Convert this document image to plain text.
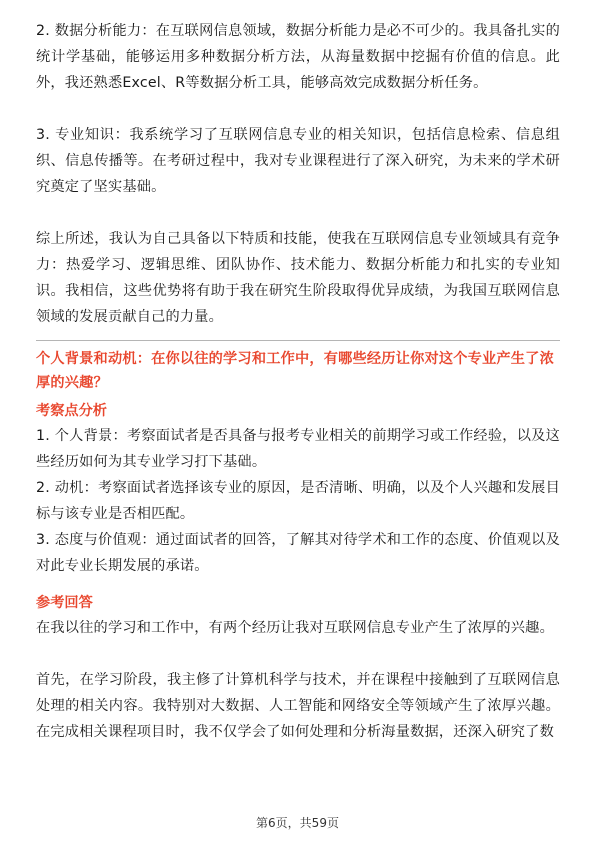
2. 数据分析能力：在互联网信息领域，数据分析能力是必不可少的。我具备扎实的统计学基础，能够运用多种数据分析方法，从海量数据中挖掘有价值的信息。此外，我还熟悉Excel、R等数据分析工具，能够高效完成数据分析任务。

3. 专业知识：我系统学习了互联网信息专业的相关知识，包括信息检索、信息组织、信息传播等。在考研过程中，我对专业课程进行了深入研究，为未来的学术研究奠定了坚实基础。

综上所述，我认为自己具备以下特质和技能，使我在互联网信息专业领域具有竞争力：热爱学习、逻辑思维、团队协作、技术能力、数据分析能力和扎实的专业知识。我相信，这些优势将有助于我在研究生阶段取得优异成绩，为我国互联网信息领域的发展贡献自己的力量。

个人背景和动机：在你以往的学习和工作中，有哪些经历让你对这个专业产生了浓厚的兴趣？

考察点分析

1. 个人背景：考察面试者是否具备与报考专业相关的前期学习或工作经验，以及这些经历如何为其专业学习打下基础。

2. 动机：考察面试者选择该专业的原因，是否清晰、明确，以及个人兴趣和发展目标与该专业是否相匹配。

3. 态度与价值观：通过面试者的回答，了解其对待学术和工作的态度、价值观以及对此专业长期发展的承诺。

参考回答

在我以往的学习和工作中，有两个经历让我对互联网信息专业产生了浓厚的兴趣。

首先，在学习阶段，我主修了计算机科学与技术，并在课程中接触到了互联网信息处理的相关内容。我特别对大数据、人工智能和网络安全等领域产生了浓厚兴趣。在完成相关课程项目时，我不仅学会了如何处理和分析海量数据，还深入研究了数

第6页，共59页
